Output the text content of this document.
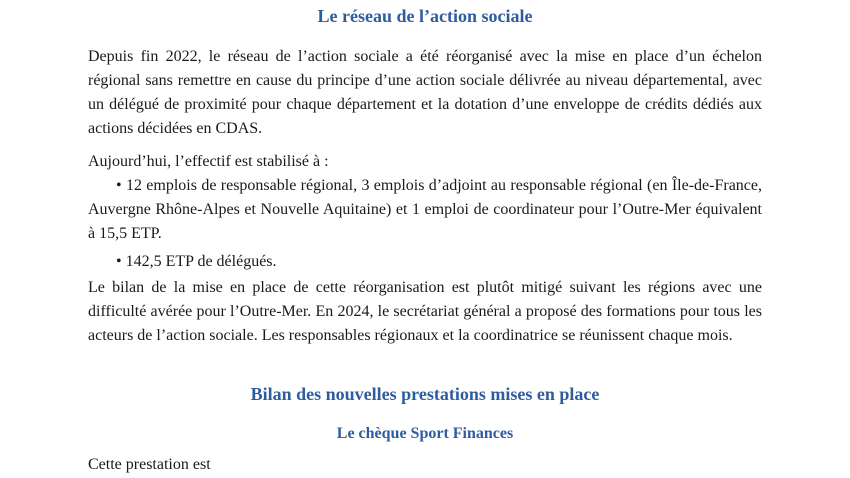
Le réseau de l’action sociale
Depuis fin 2022, le réseau de l’action sociale a été réorganisé avec la mise en place d’un échelon régional sans remettre en cause du principe d’une action sociale délivrée au niveau départemental, avec un délégué de proximité pour chaque département et la dotation d’une enveloppe de crédits dédiés aux actions décidées en CDAS.
Aujourd’hui, l’effectif est stabilisé à :
• 12 emplois de responsable régional, 3 emplois d’adjoint au responsable régional (en Île-de-France, Auvergne Rhône-Alpes et Nouvelle Aquitaine) et 1 emploi de coordinateur pour l’Outre-Mer équivalent à 15,5 ETP.
• 142,5 ETP de délégués.
Le bilan de la mise en place de cette réorganisation est plutôt mitigé suivant les régions avec une difficulté avérée pour l’Outre-Mer. En 2024, le secrétariat général a proposé des formations pour tous les acteurs de l’action sociale. Les responsables régionaux et la coordinatrice se réunissent chaque mois.
Bilan des nouvelles prestations mises en place
Le chèque Sport Finances
Cette prestation est
